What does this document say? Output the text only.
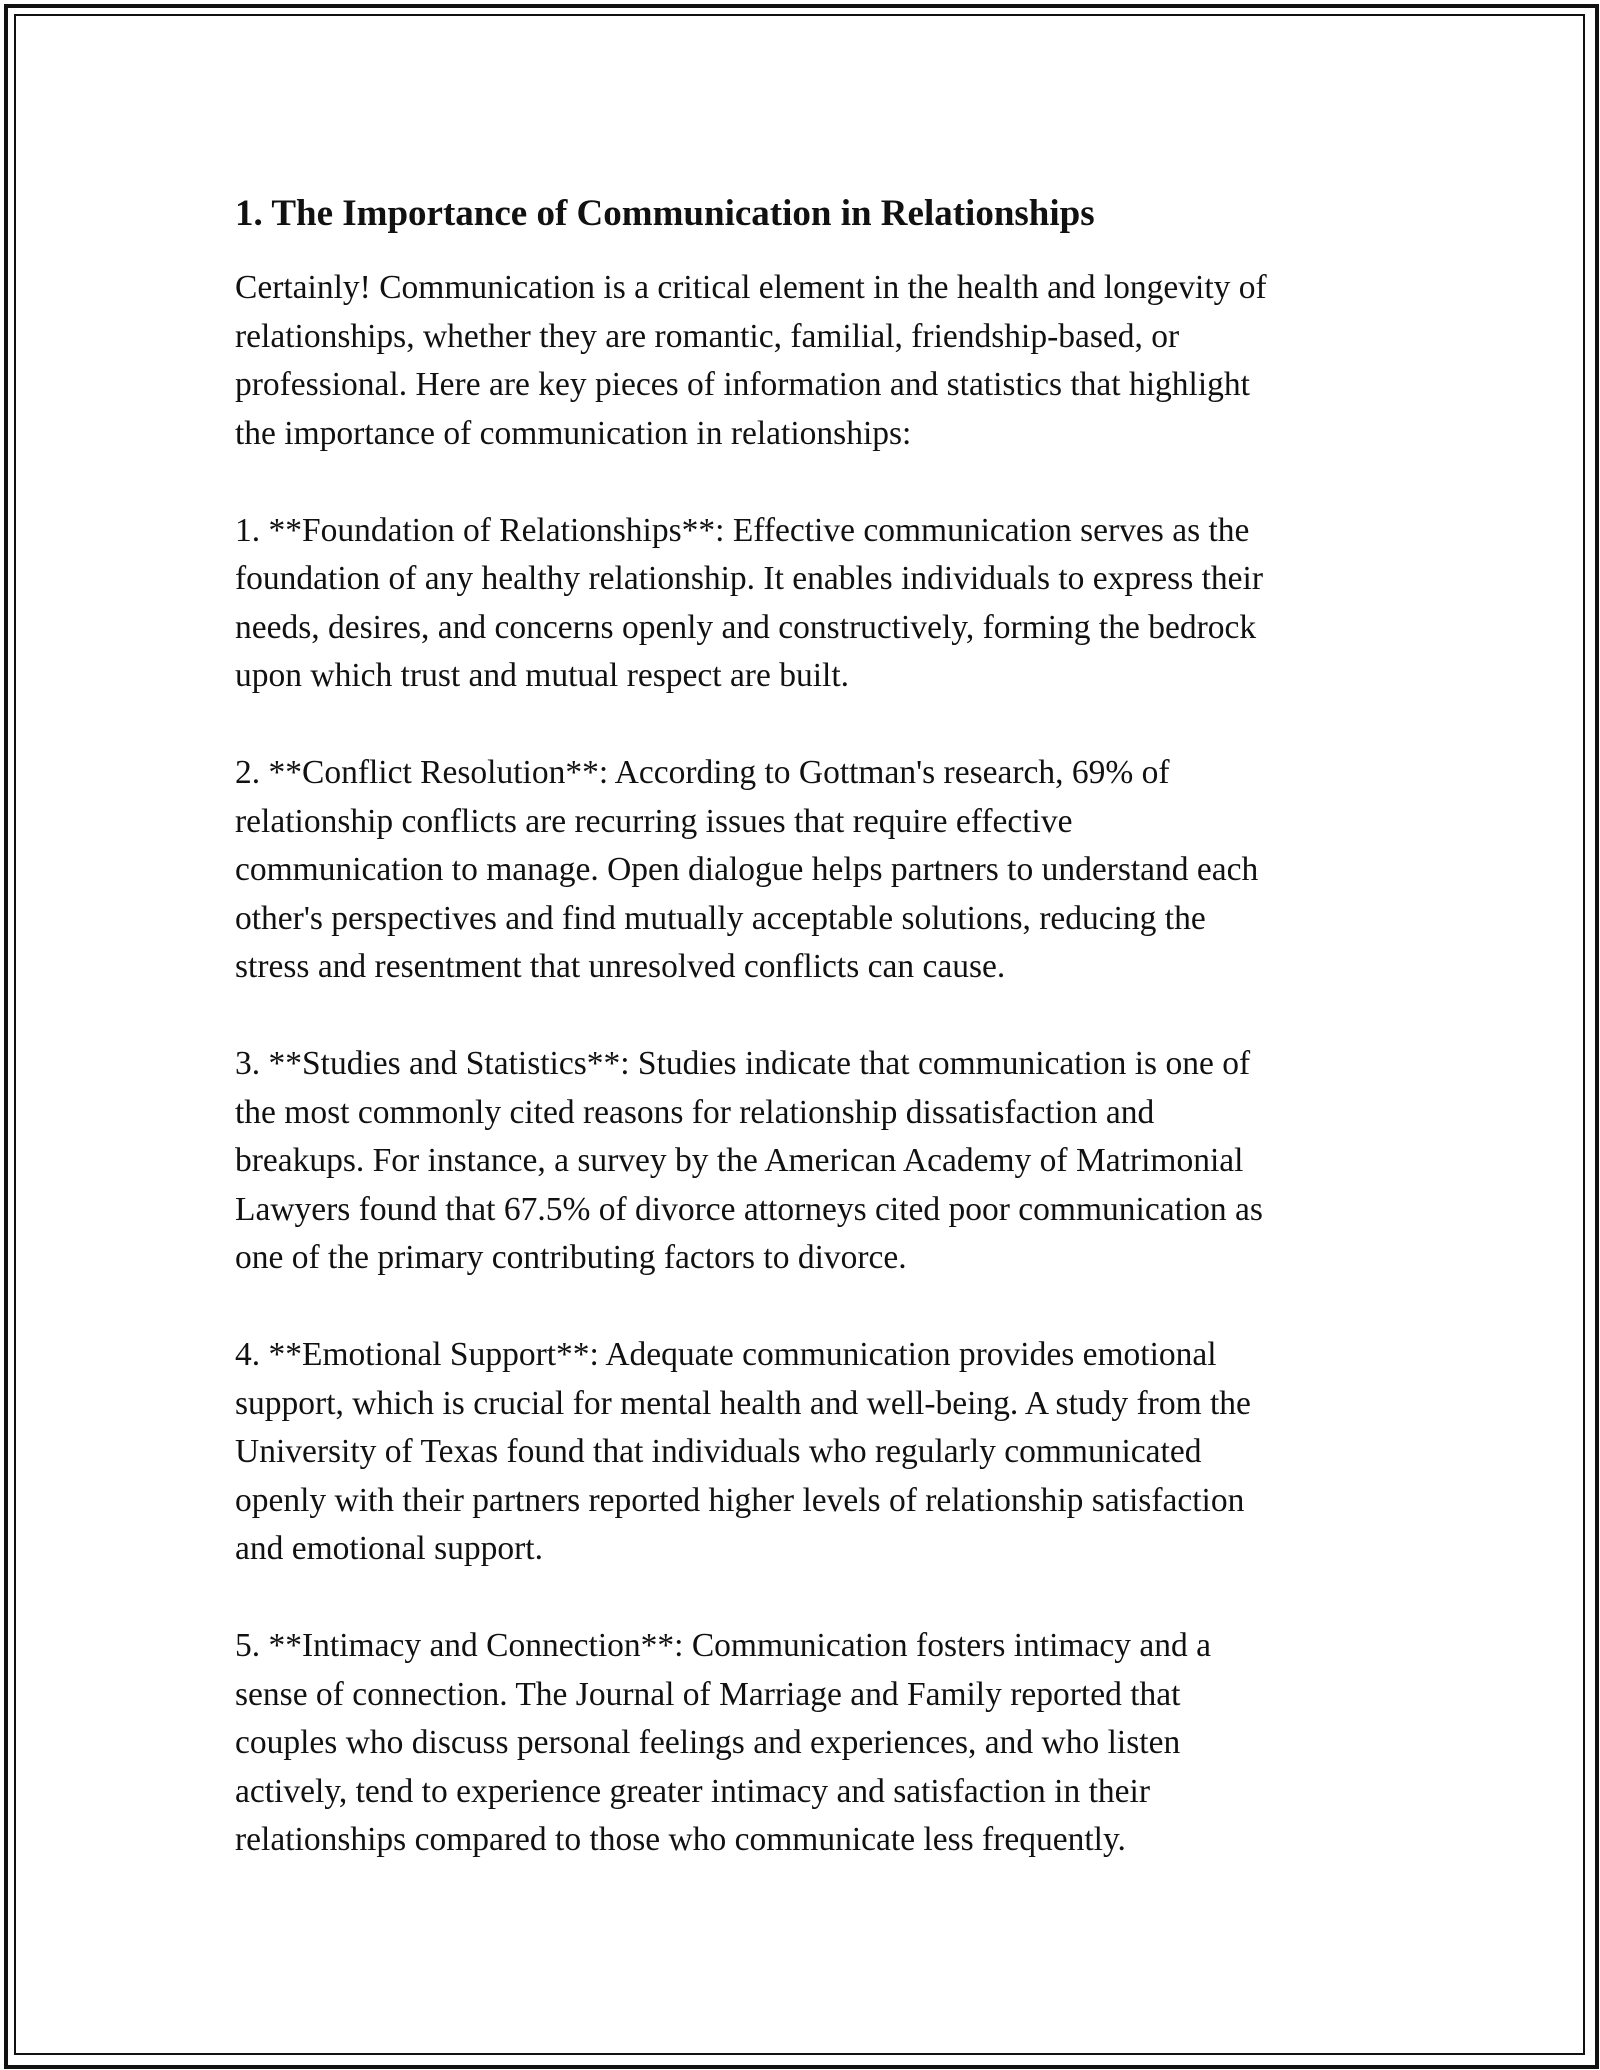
1. The Importance of Communication in Relationships

Certainly! Communication is a critical element in the health and longevity of
relationships, whether they are romantic, familial, friendship-based, or
professional. Here are key pieces of information and statistics that highlight
the importance of communication in relationships:

1. **Foundation of Relationships**: Effective communication serves as the
foundation of any healthy relationship. It enables individuals to express their
needs, desires, and concerns openly and constructively, forming the bedrock
upon which trust and mutual respect are built.

2. **Conflict Resolution**: According to Gottman's research, 69% of
relationship conflicts are recurring issues that require effective
communication to manage. Open dialogue helps partners to understand each
other's perspectives and find mutually acceptable solutions, reducing the
stress and resentment that unresolved conflicts can cause.

3. **Studies and Statistics**: Studies indicate that communication is one of
the most commonly cited reasons for relationship dissatisfaction and
breakups. For instance, a survey by the American Academy of Matrimonial
Lawyers found that 67.5% of divorce attorneys cited poor communication as
one of the primary contributing factors to divorce.

4. **Emotional Support**: Adequate communication provides emotional
support, which is crucial for mental health and well-being. A study from the
University of Texas found that individuals who regularly communicated
openly with their partners reported higher levels of relationship satisfaction
and emotional support.

5. **Intimacy and Connection**: Communication fosters intimacy and a
sense of connection. The Journal of Marriage and Family reported that
couples who discuss personal feelings and experiences, and who listen
actively, tend to experience greater intimacy and satisfaction in their
relationships compared to those who communicate less frequently.
